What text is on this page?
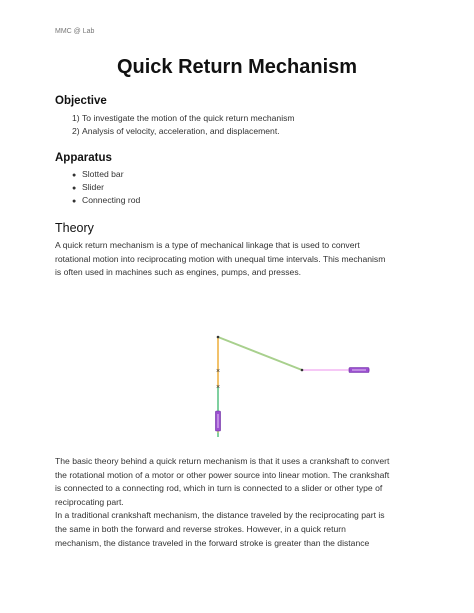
MMC @ Lab
Quick Return Mechanism
Objective
1) To investigate the motion of the quick return mechanism
2) Analysis of velocity, acceleration, and displacement.
Apparatus
● Slotted bar
● Slider
● Connecting rod
Theory
A quick return mechanism is a type of mechanical linkage that is used to convert
rotational motion into reciprocating motion with unequal time intervals. This mechanism
is often used in machines such as engines, pumps, and presses.
×
×
The basic theory behind a quick return mechanism is that it uses a crankshaft to convert
the rotational motion of a motor or other power source into linear motion. The crankshaft
is connected to a connecting rod, which in turn is connected to a slider or other type of
reciprocating part.
In a traditional crankshaft mechanism, the distance traveled by the reciprocating part is
the same in both the forward and reverse strokes. However, in a quick return
mechanism, the distance traveled in the forward stroke is greater than the distance
